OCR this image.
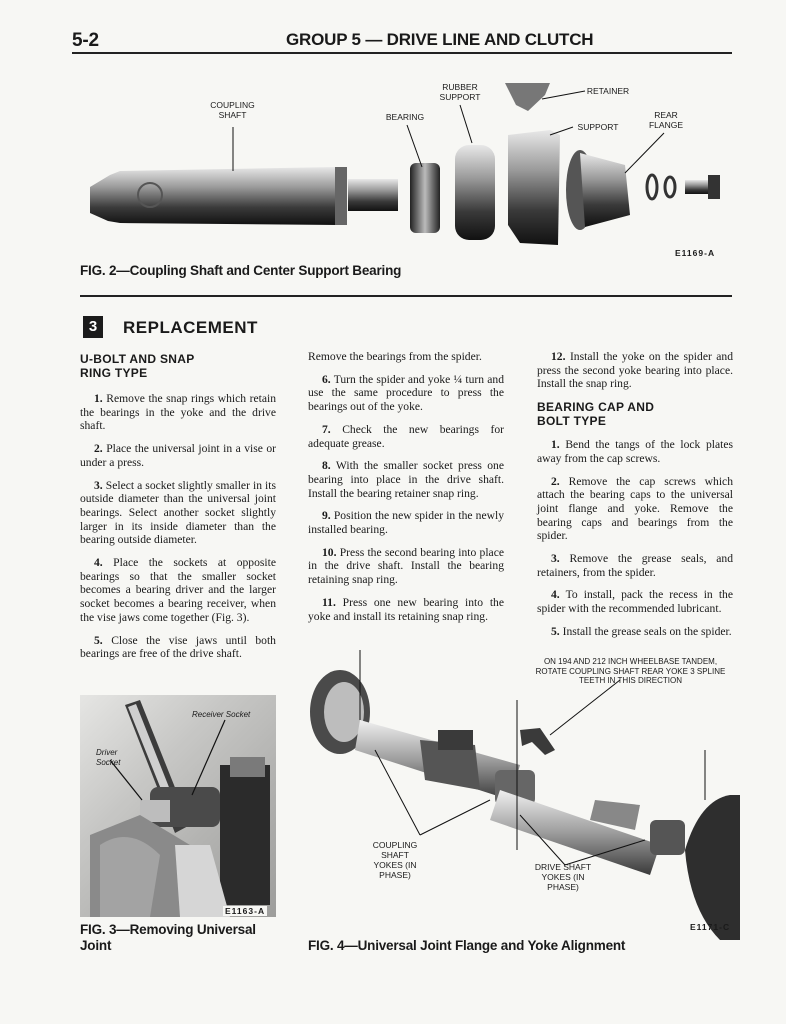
5-2	GROUP 5 — DRIVE LINE AND CLUTCH
COUPLING SHAFT	BEARING
RUBBER SUPPORT
RETAINER
SUPPORT
REAR FLANGE
E1169-A
FIG. 2—Coupling Shaft and Center Support Bearing
3	REPLACEMENT
U-BOLT AND SNAP RING TYPE

1. Remove the snap rings which retain the bearings in the yoke and the drive shaft.

2. Place the universal joint in a vise or under a press.

3. Select a socket slightly smaller in its outside diameter than the universal joint bearings. Select another socket slightly larger in its inside diameter than the bearing outside diameter.

4. Place the sockets at opposite bearings so that the smaller socket becomes a bearing driver and the larger socket becomes a bearing receiver, when the vise jaws come together (Fig. 3).

5. Close the vise jaws until both bearings are free of the drive shaft.

Remove the bearings from the spider.

6. Turn the spider and yoke ¼ turn and use the same procedure to press the bearings out of the yoke.

7. Check the new bearings for adequate grease.

8. With the smaller socket press one bearing into place in the drive shaft. Install the bearing retainer snap ring.

9. Position the new spider in the newly installed bearing.

10. Press the second bearing into place in the drive shaft. Install the bearing retaining snap ring.

11. Press one new bearing into the yoke and install its retaining snap ring.

12. Install the yoke on the spider and press the second yoke bearing into place. Install the snap ring.

BEARING CAP AND BOLT TYPE

1. Bend the tangs of the lock plates away from the cap screws.

2. Remove the cap screws which attach the bearing caps to the universal joint flange and yoke. Remove the bearing caps and bearings from the spider.

3. Remove the grease seals, and retainers, from the spider.

4. To install, pack the recess in the spider with the recommended lubricant.

5. Install the grease seals on the spider.

Receiver Socket
Driver Socket
E1163-A
FIG. 3—Removing Universal Joint
ON 194 AND 212 INCH WHEELBASE TANDEM, ROTATE COUPLING SHAFT REAR YOKE 3 SPLINE TEETH IN THIS DIRECTION
COUPLING SHAFT YOKES (IN PHASE)
DRIVE SHAFT YOKES (IN PHASE)
E1171-C
FIG. 4—Universal Joint Flange and Yoke Alignment
